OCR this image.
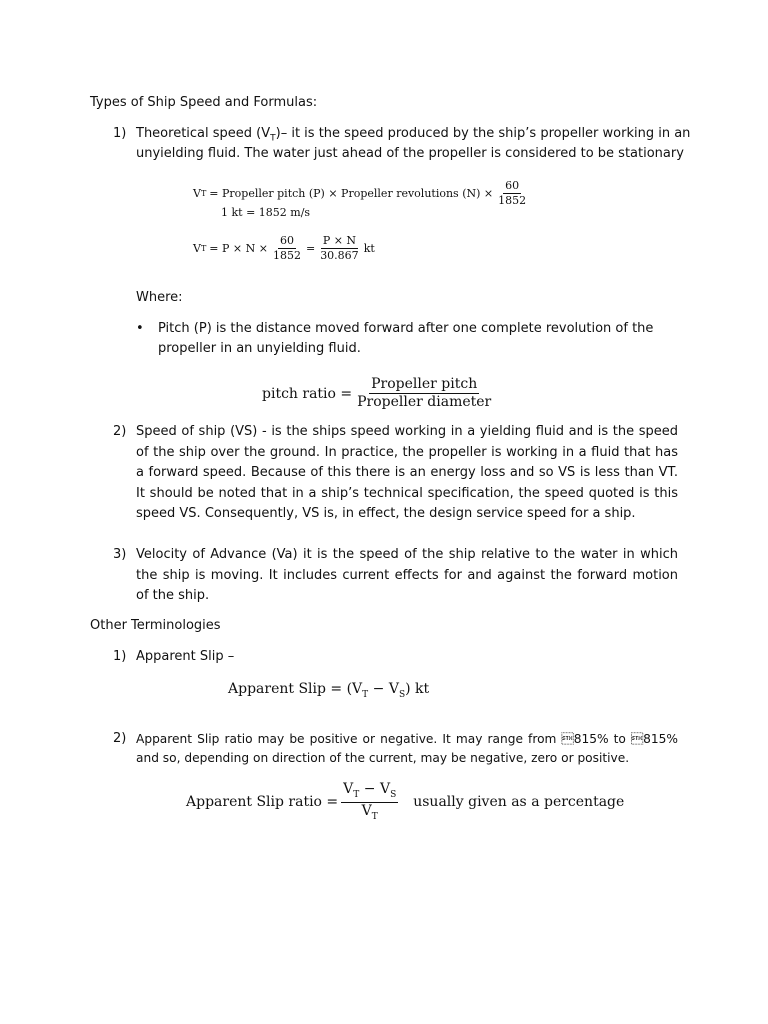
Types of Ship Speed and Formulas:
1) Theoretical speed $(V_T)-$ it is the speed produced by the ship’s propeller working in an
unyielding fluid. The water just ahead of the propeller is considered to be stationary
V T = Propeller pitch (P) × Propeller revolutions $(N) \times \frac{60}{1852}$
1 kt = 1852 m/s
V $T = P \times N \times \frac{60}{1852} = \frac{P \times N}{30.867}$ kt
Where:
• Pitch (P) is the distance moved forward after one complete revolution of the
propeller in an unyielding fluid.
pitch ratio = $\frac{\text{Propeller pitch}}{\text{Propeller diameter}}$
2) Speed of ship (VS) - is the ships speed working in a yielding fluid and is the speed of the ship over the ground. In practice, the propeller is working in a fluid that has a forward speed. Because of this there is an energy loss and so VS is less than VT. It should be noted that in a ship’s technical specification, the speed quoted is this speed VS. Consequently, VS is, in effect, the design service speed for a ship.
3) Velocity of Advance (Va) it is the speed of the ship relative to the water in which the ship is moving. It includes current effects for and against the forward motion of the ship.
Other Terminologies
1) Apparent Slip –
Apparent Slip = $(V_T - V_S)$ kt
2) Apparent Slip ratio may be positive or negative. It may range from 815% to 815% and so, depending on direction of the current, may be negative, zero or positive.
Apparent Slip ratio = $\frac{V_T - V_S}{V_T}$ usually given as a percentage
